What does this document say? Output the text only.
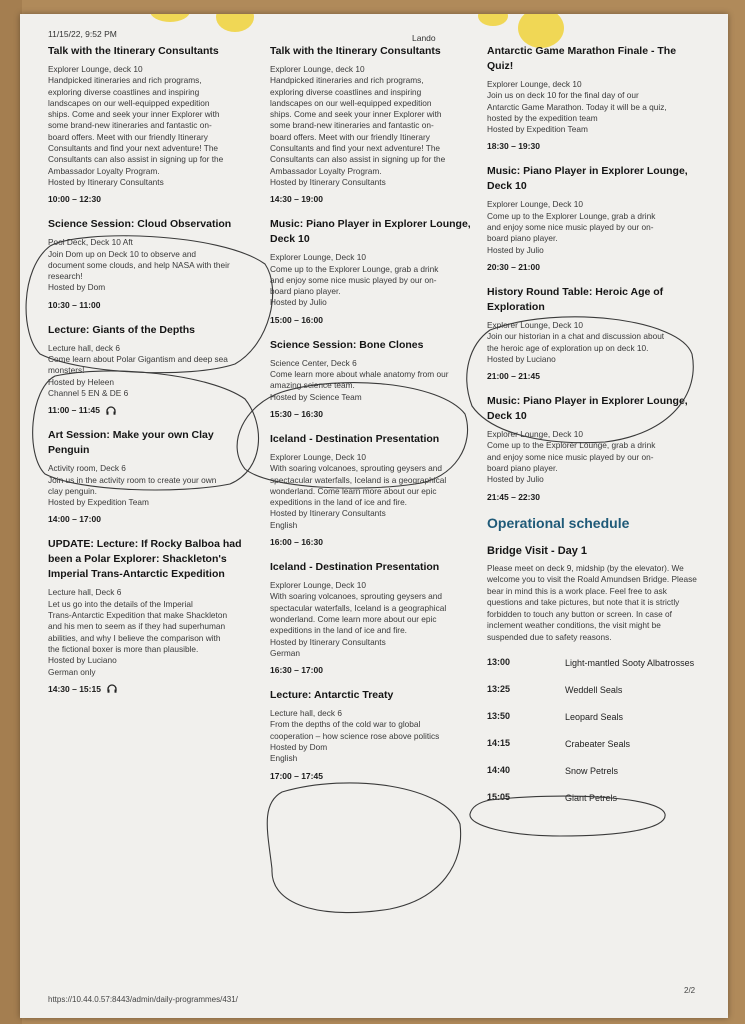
11/15/22, 9:52 PM	Lando
Talk with the Itinerary Consultants
Explorer Lounge, deck 10
Handpicked itineraries and rich programs,
exploring diverse coastlines and inspiring
landscapes on our well-equipped expedition
ships. Come and seek your inner Explorer with
some brand-new itineraries and fantastic on-
board offers. Meet with our friendly Itinerary
Consultants and find your next adventure! The
Consultants can also assist in signing up for the
Ambassador Loyalty Program.
Hosted by Itinerary Consultants
10:00 – 12:30
Science Session: Cloud Observation
Pool Deck, Deck 10 Aft
Join Dom up on Deck 10 to observe and
document some clouds, and help NASA with their
research!
Hosted by Dom
10:30 – 11:00
Lecture: Giants of the Depths
Lecture hall, deck 6
Come learn about Polar Gigantism and deep sea
monsters!
Hosted by Heleen
Channel 5 EN & DE 6
11:00 – 11:45
Art Session: Make your own Clay Penguin
Activity room, Deck 6
Join us in the activity room to create your own
clay penguin.
Hosted by Expedition Team
14:00 – 17:00
UPDATE: Lecture: If Rocky Balboa had been a Polar Explorer: Shackleton's Imperial Trans-Antarctic Expedition
Lecture hall, Deck 6
Let us go into the details of the Imperial
Trans-Antarctic Expedition that make Shackleton
and his men to seem as if they had superhuman
abilities, and why I believe the comparison with
the fictional boxer is more than plausible.
Hosted by Luciano
German only
14:30 – 15:15
Talk with the Itinerary Consultants
Explorer Lounge, deck 10
Handpicked itineraries and rich programs,
exploring diverse coastlines and inspiring
landscapes on our well-equipped expedition
ships. Come and seek your inner Explorer with
some brand-new itineraries and fantastic on-
board offers. Meet with our friendly Itinerary
Consultants and find your next adventure! The
Consultants can also assist in signing up for the
Ambassador Loyalty Program.
Hosted by Itinerary Consultants
14:30 – 19:00
Music: Piano Player in Explorer Lounge, Deck 10
Explorer Lounge, Deck 10
Come up to the Explorer Lounge, grab a drink
and enjoy some nice music played by our on-
board piano player.
Hosted by Julio
15:00 – 16:00
Science Session: Bone Clones
Science Center, Deck 6
Come learn more about whale anatomy from our
amazing science team.
Hosted by Science Team
15:30 – 16:30
Iceland - Destination Presentation
Explorer Lounge, Deck 10
With soaring volcanoes, sprouting geysers and
spectacular waterfalls, Iceland is a geographical
wonderland. Come learn more about our epic
expeditions in the land of ice and fire.
Hosted by Itinerary Consultants
English
16:00 – 16:30
Iceland - Destination Presentation
Explorer Lounge, Deck 10
With soaring volcanoes, sprouting geysers and
spectacular waterfalls, Iceland is a geographical
wonderland. Come learn more about our epic
expeditions in the land of ice and fire.
Hosted by Itinerary Consultants
German
16:30 – 17:00
Lecture: Antarctic Treaty
Lecture hall, deck 6
From the depths of the cold war to global
cooperation – how science rose above politics
Hosted by Dom
English
17:00 – 17:45
Antarctic Game Marathon Finale - The Quiz!
Explorer Lounge, deck 10
Join us on deck 10 for the final day of our
Antarctic Game Marathon. Today it will be a quiz,
hosted by the expedition team
Hosted by Expedition Team
18:30 – 19:30
Music: Piano Player in Explorer Lounge, Deck 10
Explorer Lounge, Deck 10
Come up to the Explorer Lounge, grab a drink
and enjoy some nice music played by our on-
board piano player.
Hosted by Julio
20:30 – 21:00
History Round Table: Heroic Age of Exploration
Explorer Lounge, Deck 10
Join our historian in a chat and discussion about
the heroic age of exploration up on deck 10.
Hosted by Luciano
21:00 – 21:45
Music: Piano Player in Explorer Lounge, Deck 10
Explorer Lounge, Deck 10
Come up to the Explorer Lounge, grab a drink
and enjoy some nice music played by our on-
board piano player.
Hosted by Julio
21:45 – 22:30
Operational schedule
Bridge Visit - Day 1
Please meet on deck 9, midship (by the elevator). We welcome you to visit the Roald Amundsen Bridge. Please bear in mind this is a work place. Feel free to ask questions and take pictures, but note that it is strictly forbidden to touch any button or screen. In case of inclement weather conditions, the visit might be suspended due to safety reasons.
13:00	Light-mantled Sooty Albatrosses
13:25	Weddell Seals
13:50	Leopard Seals
14:15	Crabeater Seals
14:40	Snow Petrels
15:05	Giant Petrels
https://10.44.0.57:8443/admin/daily-programmes/431/
2/2
